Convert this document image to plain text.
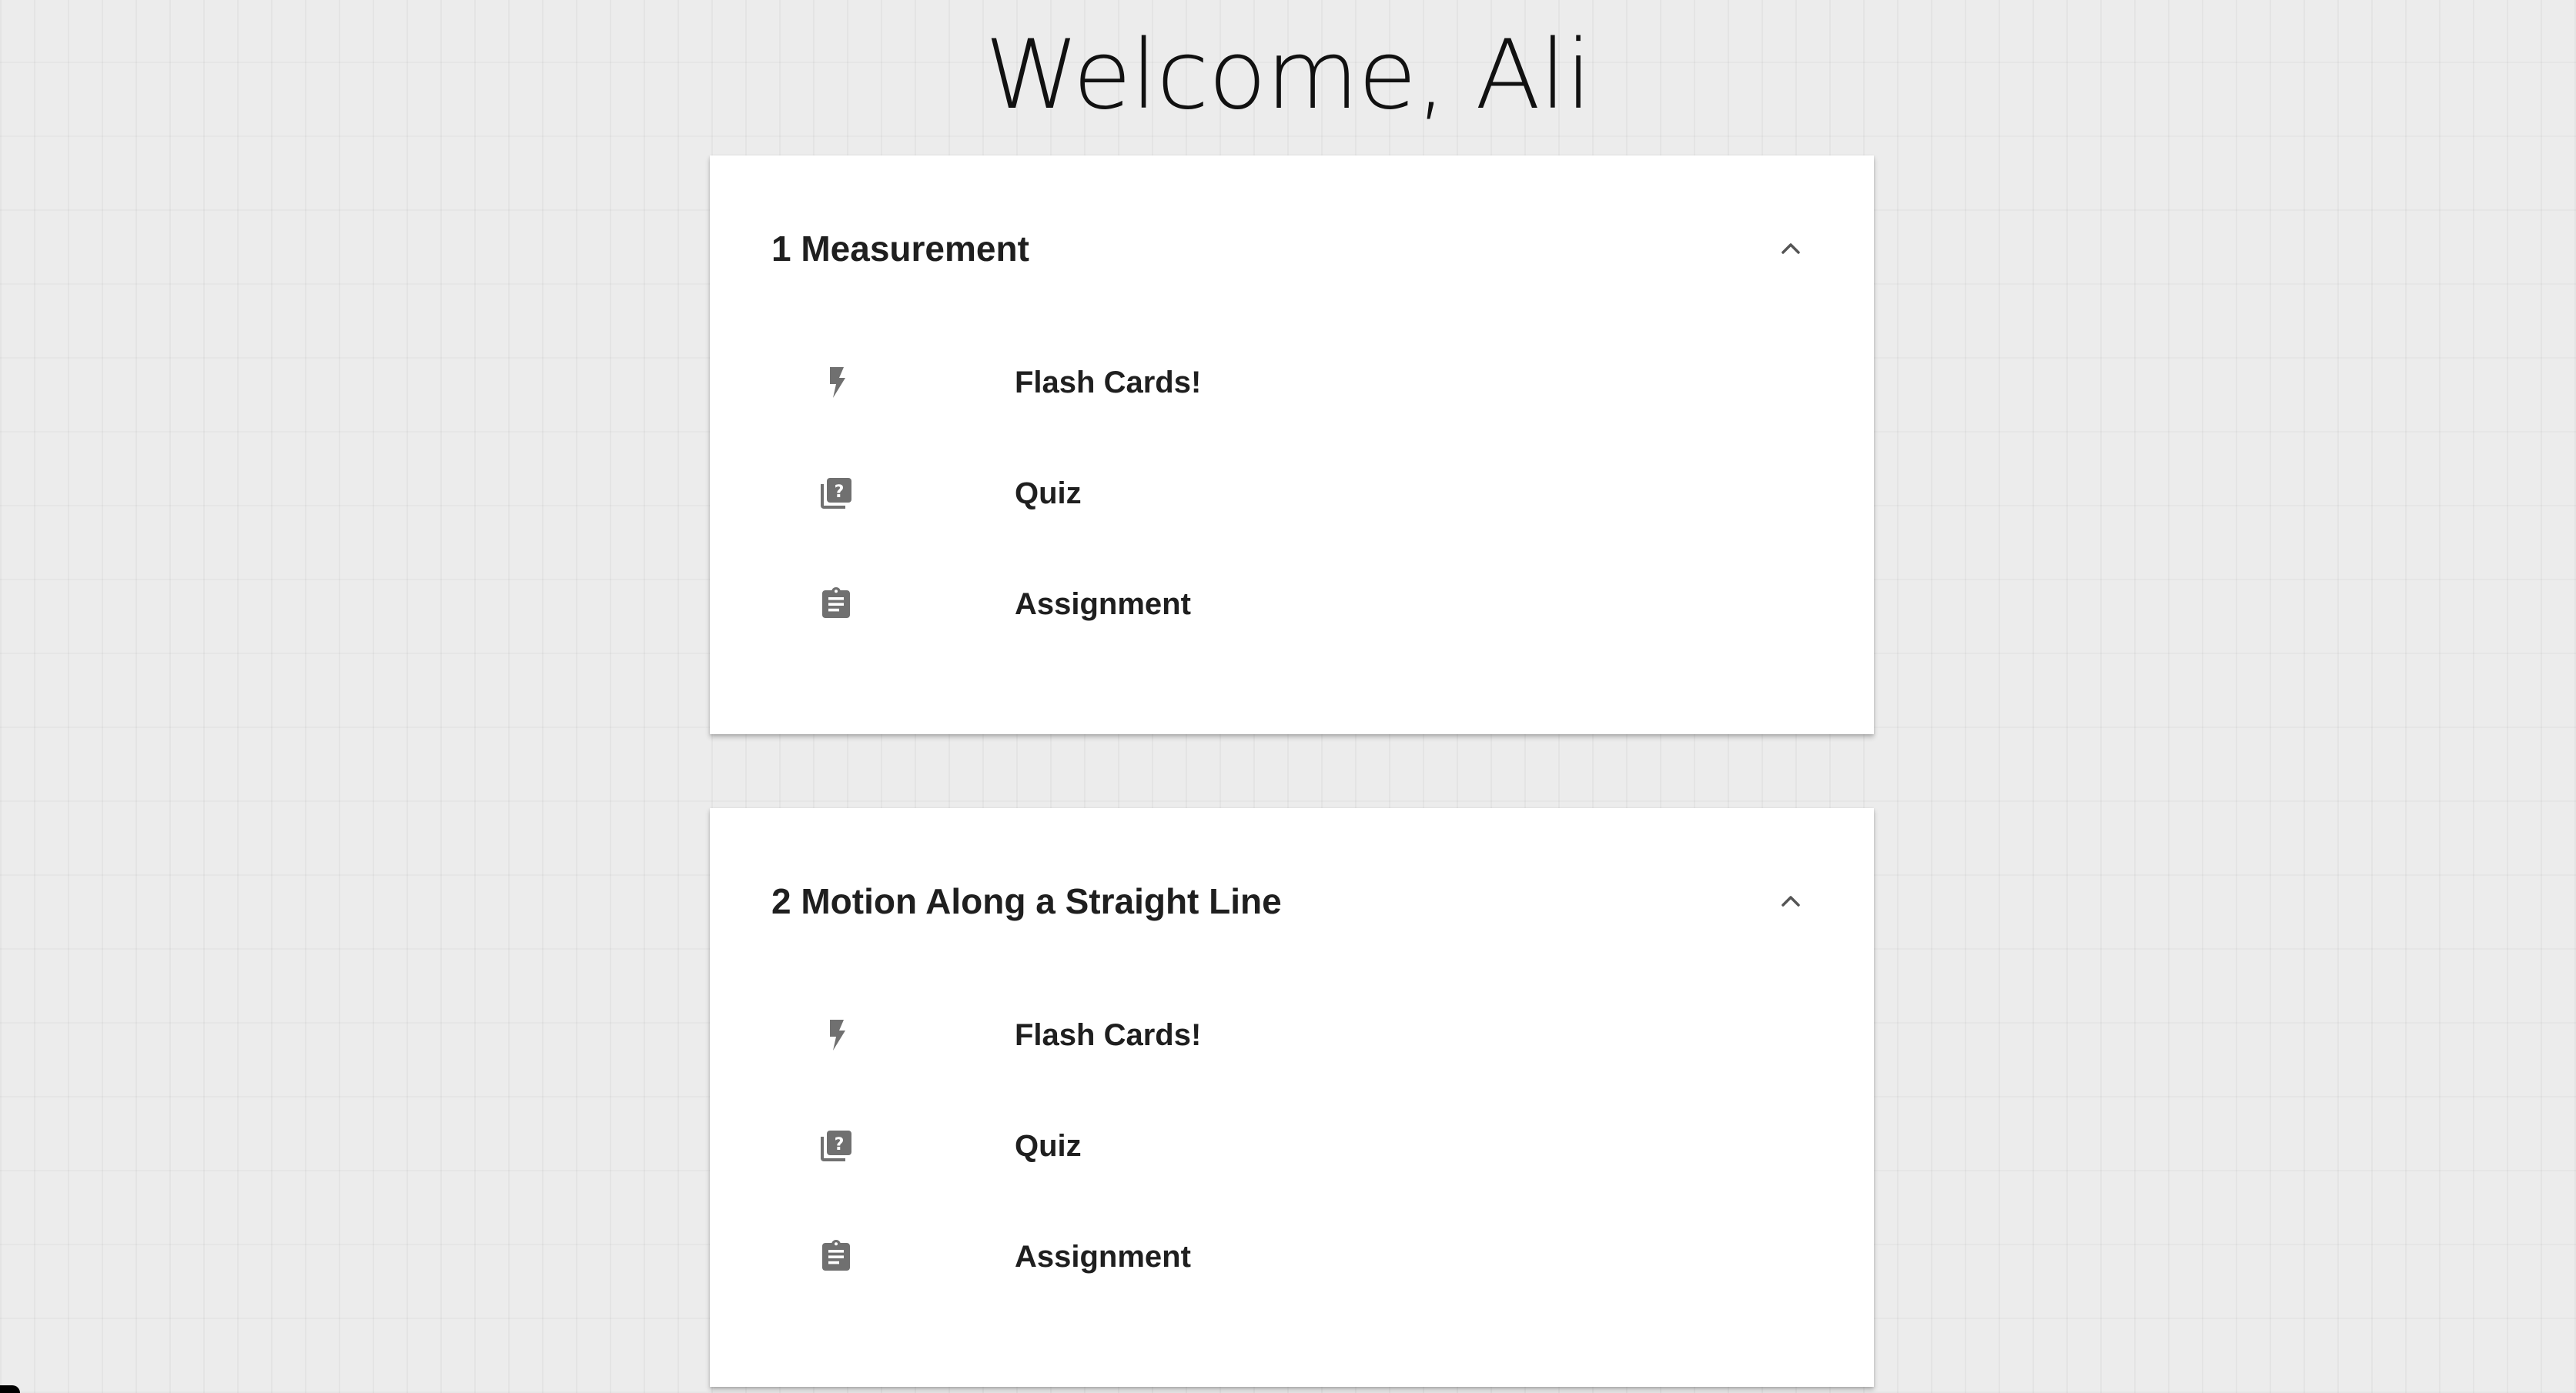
Welcome, Ali
1 Measurement
Flash Cards!
?	Quiz
Assignment
2 Motion Along a Straight Line
Flash Cards!
?	Quiz
Assignment
